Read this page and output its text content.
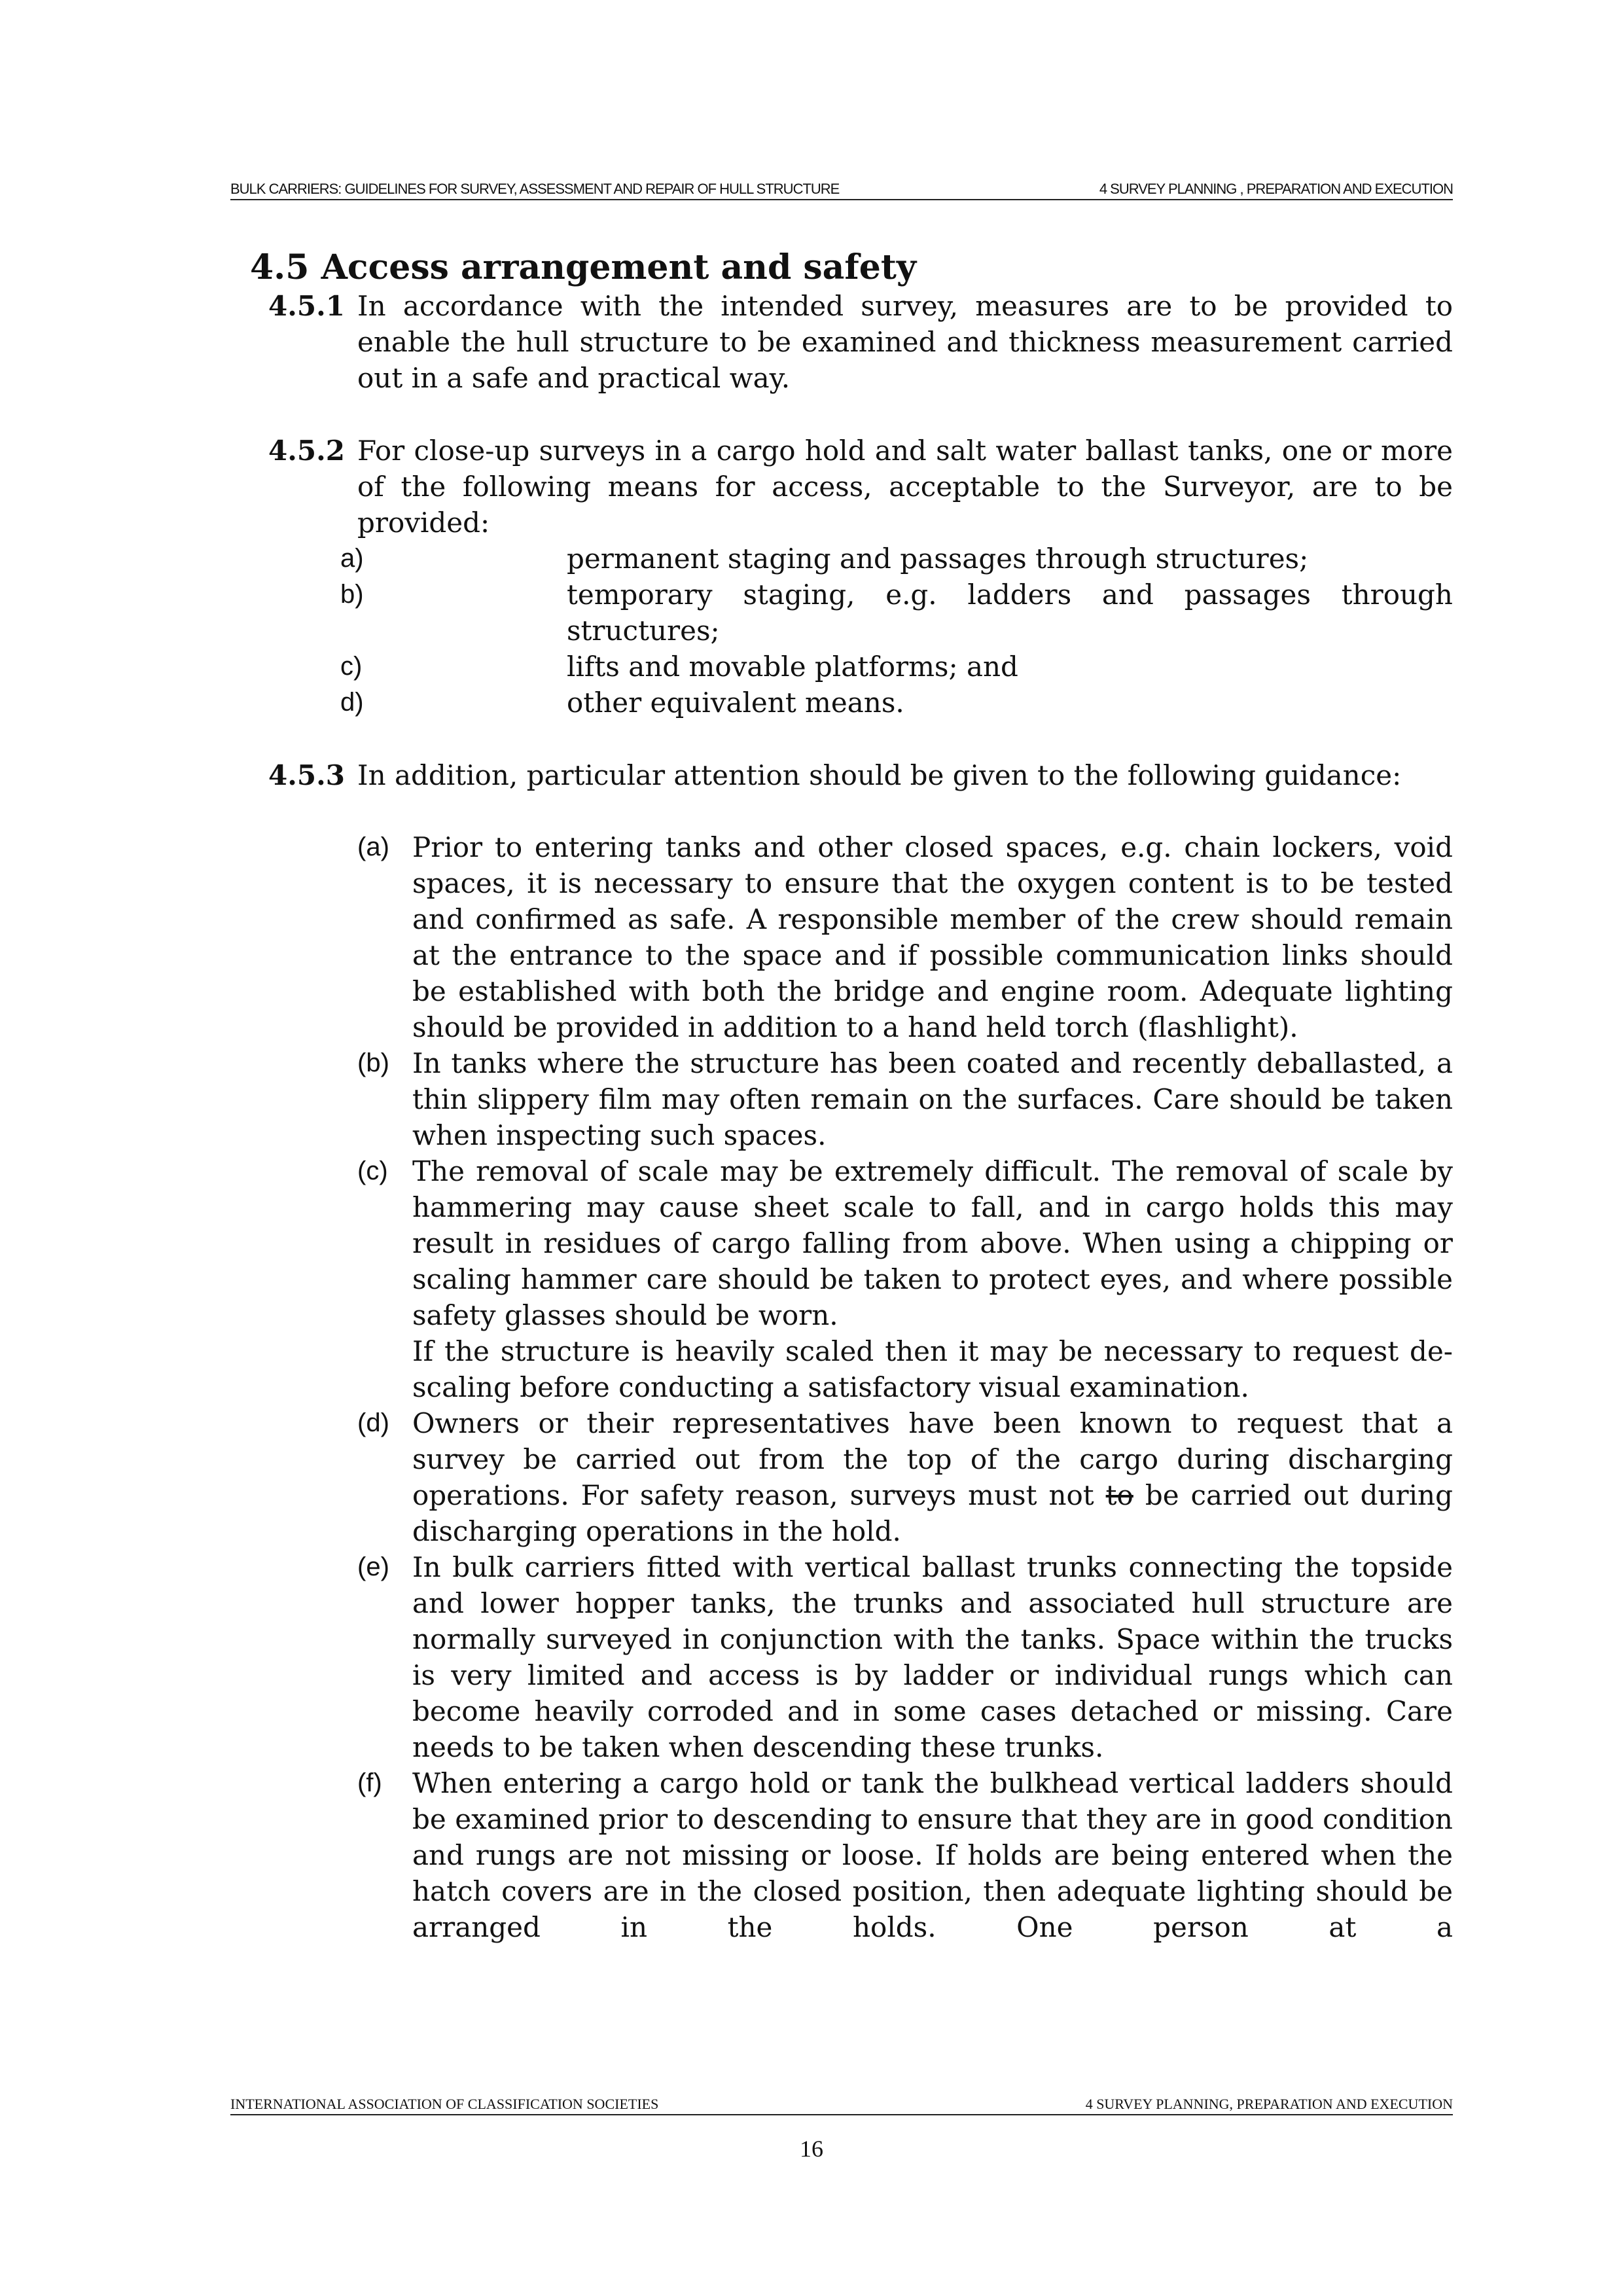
BULK CARRIERS: GUIDELINES FOR SURVEY, ASSESSMENT AND REPAIR OF HULL STRUCTURE	4 SURVEY PLANNING , PREPARATION AND EXECUTION
4.5 Access arrangement and safety
4.5.1 In accordance with the intended survey, measures are to be provided to enable the hull structure to be examined and thickness measurement carried out in a safe and practical way.
4.5.2 For close-up surveys in a cargo hold and salt water ballast tanks, one or more of the following means for access, acceptable to the Surveyor, are to be provided:
a)	permanent staging and passages through structures;
b)	temporary staging, e.g. ladders and passages through structures;
c)	lifts and movable platforms; and
d)	other equivalent means.
4.5.3 In addition, particular attention should be given to the following guidance:
(a) Prior to entering tanks and other closed spaces, e.g. chain lockers, void spaces, it is necessary to ensure that the oxygen content is to be tested and confirmed as safe. A responsible member of the crew should remain at the entrance to the space and if possible communication links should be established with both the bridge and engine room. Adequate lighting should be provided in addition to a hand held torch (flashlight).
(b) In tanks where the structure has been coated and recently deballasted, a thin slippery film may often remain on the surfaces. Care should be taken when inspecting such spaces.
(c) The removal of scale may be extremely difficult. The removal of scale by hammering may cause sheet scale to fall, and in cargo holds this may result in residues of cargo falling from above. When using a chipping or scaling hammer care should be taken to protect eyes, and where possible safety glasses should be worn.
If the structure is heavily scaled then it may be necessary to request de-scaling before conducting a satisfactory visual examination.
(d) Owners or their representatives have been known to request that a survey be carried out from the top of the cargo during discharging operations. For safety reason, surveys must not to be carried out during discharging operations in the hold.
(e) In bulk carriers fitted with vertical ballast trunks connecting the topside and lower hopper tanks, the trunks and associated hull structure are normally surveyed in conjunction with the tanks. Space within the trucks is very limited and access is by ladder or individual rungs which can become heavily corroded and in some cases detached or missing. Care needs to be taken when descending these trunks.
(f) When entering a cargo hold or tank the bulkhead vertical ladders should be examined prior to descending to ensure that they are in good condition and rungs are not missing or loose. If holds are being entered when the hatch covers are in the closed position, then adequate lighting should be arranged in the holds. One person at a
INTERNATIONAL ASSOCIATION OF CLASSIFICATION SOCIETIES	4 SURVEY PLANNING, PREPARATION AND EXECUTION
16
